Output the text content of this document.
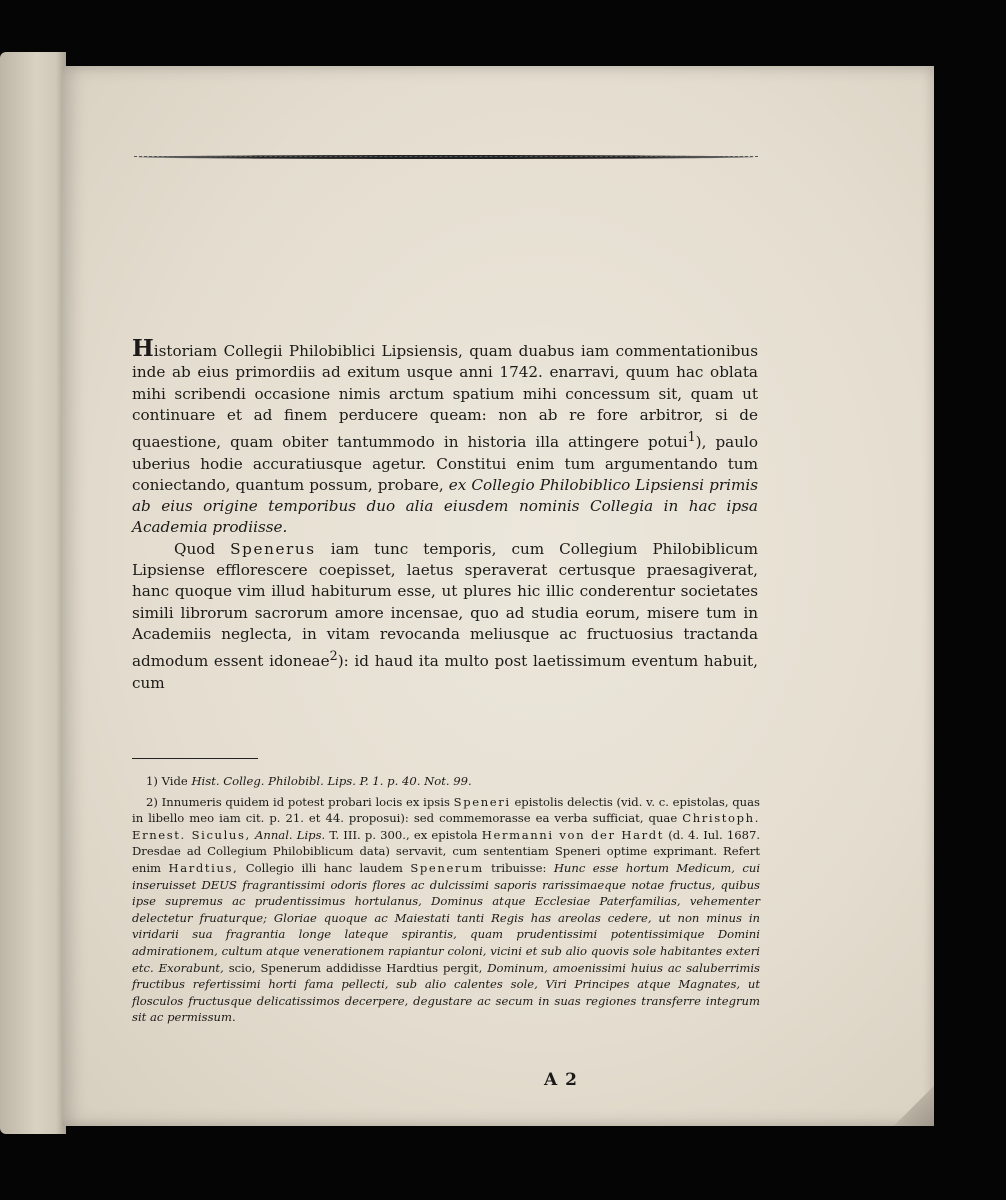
Historiam Collegii Philobiblici Lipsiensis, quam duabus iam commentationibus inde ab eius primordiis ad exitum usque anni 1742. enarravi, quum hac oblata mihi scribendi occasione nimis arctum spatium mihi concessum sit, quam ut continuare et ad finem perducere queam: non ab re fore arbitror, si de quaestione, quam obiter tantummodo in historia illa attingere potui$^1$), paulo uberius hodie accuratiusque agetur. Constitui enim tum argumentando tum coniectando, quantum possum, probare, ex Collegio Philobiblico Lipsiensi primis ab eius origine temporibus duo alia eiusdem nominis Collegia in hac ipsa Academia prodiisse.

Quod Spenerus iam tunc temporis, cum Collegium Philobiblicum Lipsiense efflorescere coepisset, laetus speraverat certusque praesagiverat, hanc quoque vim illud habiturum esse, ut plures hic illic conderentur societates simili librorum sacrorum amore incensae, quo ad studia eorum, misere tum in Academiis neglecta, in vitam revocanda meliusque ac fructuosius tractanda admodum essent idoneae$^2$): id haud ita multo post laetissimum eventum habuit, cum

1) Vide Hist. Colleg. Philobibl. Lips. P. 1. p. 40. Not. 99.

2) Innumeris quidem id potest probari locis ex ipsis Speneri epistolis delectis (vid. v. c. epistolas, quas in libello meo iam cit. p. 21. et 44. proposui): sed commemorasse ea verba sufficiat, quae Christoph. Ernest. Siculus, Annal. Lips. T. III. p. 300., ex epistola Hermanni von der Hardt (d. 4. Iul. 1687. Dresdae ad Collegium Philobiblicum data) servavit, cum sententiam Speneri optime exprimant. Refert enim Hardtius, Collegio illi hanc laudem Spenerum tribuisse: Hunc esse hortum Medicum, cui inseruisset DEUS fragrantissimi odoris flores ac dulcissimi saporis rarissimaeque notae fructus, quibus ipse supremus ac prudentissimus hortulanus, Dominus atque Ecclesiae Paterfamilias, vehementer delectetur fruaturque; Gloriae quoque ac Maiestati tanti Regis has areolas cedere, ut non minus in viridarii sua fragrantia longe lateque spirantis, quam prudentissimi potentissimique Domini admirationem, cultum atque venerationem rapiantur coloni, vicini et sub alio quovis sole habitantes exteri etc. Exorabunt, scio, Spenerum addidisse Hardtius pergit, Dominum, amoenissimi huius ac saluberrimis fructibus refertissimi horti fama pellecti, sub alio calentes sole, Viri Principes atque Magnates, ut flosculos fructusque delicatissimos decerpere, degustare ac secum in suas regiones transferre integrum sit ac permissum.

A 2
